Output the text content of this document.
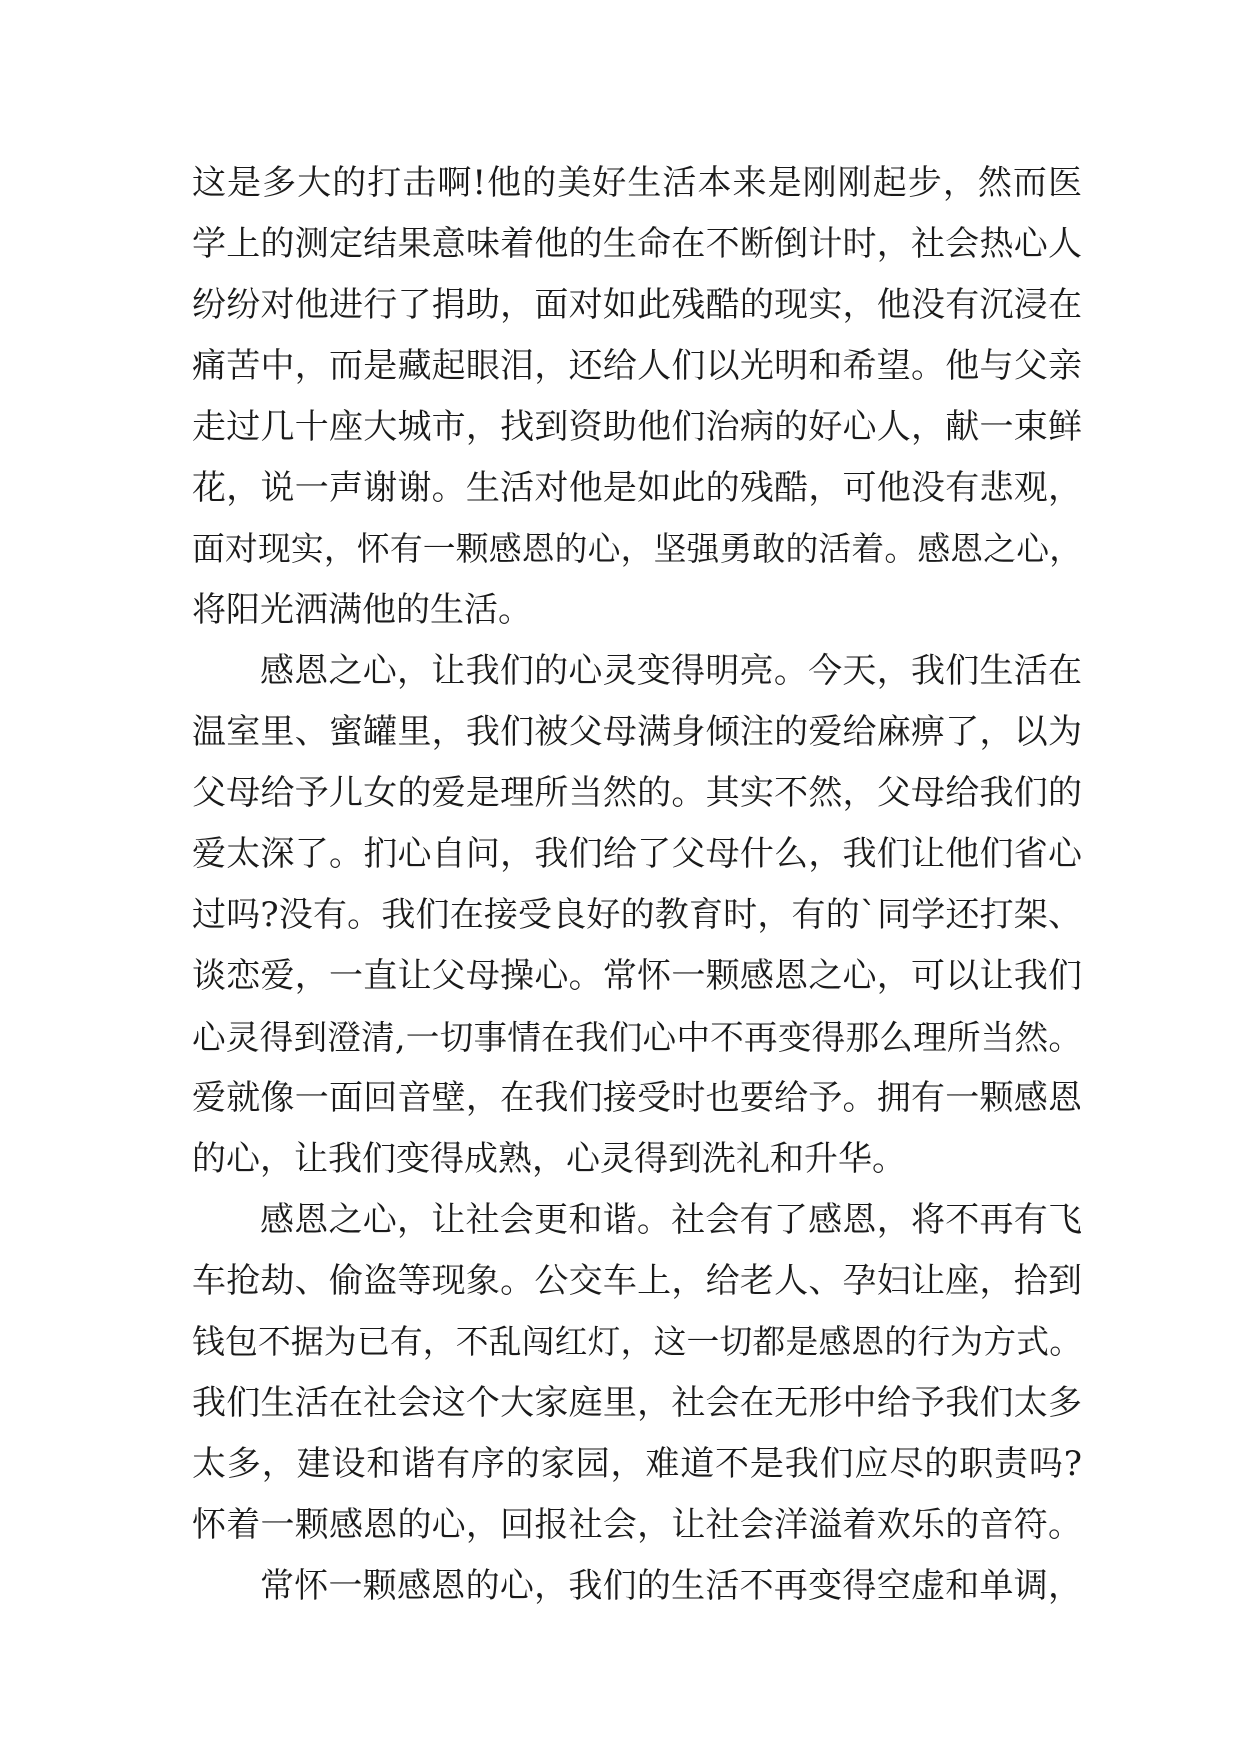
这是多大的打击啊!他的美好生活本来是刚刚起步，然而医
学上的测定结果意味着他的生命在不断倒计时，社会热心人
纷纷对他进行了捐助，面对如此残酷的现实，他没有沉浸在
痛苦中，而是藏起眼泪，还给人们以光明和希望。他与父亲
走过几十座大城市，找到资助他们治病的好心人，献一束鲜
花，说一声谢谢。生活对他是如此的残酷，可他没有悲观，
面对现实，怀有一颗感恩的心，坚强勇敢的活着。感恩之心，
将阳光洒满他的生活。
感恩之心，让我们的心灵变得明亮。今天，我们生活在
温室里、蜜罐里，我们被父母满身倾注的爱给麻痹了，以为
父母给予儿女的爱是理所当然的。其实不然，父母给我们的
爱太深了。扪心自问，我们给了父母什么，我们让他们省心
过吗?没有。我们在接受良好的教育时，有的`同学还打架、
谈恋爱，一直让父母操心。常怀一颗感恩之心，可以让我们
心灵得到澄清,一切事情在我们心中不再变得那么理所当然。
爱就像一面回音壁，在我们接受时也要给予。拥有一颗感恩
的心，让我们变得成熟，心灵得到洗礼和升华。
感恩之心，让社会更和谐。社会有了感恩，将不再有飞
车抢劫、偷盗等现象。公交车上，给老人、孕妇让座，拾到
钱包不据为已有，不乱闯红灯，这一切都是感恩的行为方式。
我们生活在社会这个大家庭里，社会在无形中给予我们太多
太多，建设和谐有序的家园，难道不是我们应尽的职责吗?
怀着一颗感恩的心，回报社会，让社会洋溢着欢乐的音符。
常怀一颗感恩的心，我们的生活不再变得空虚和单调，
